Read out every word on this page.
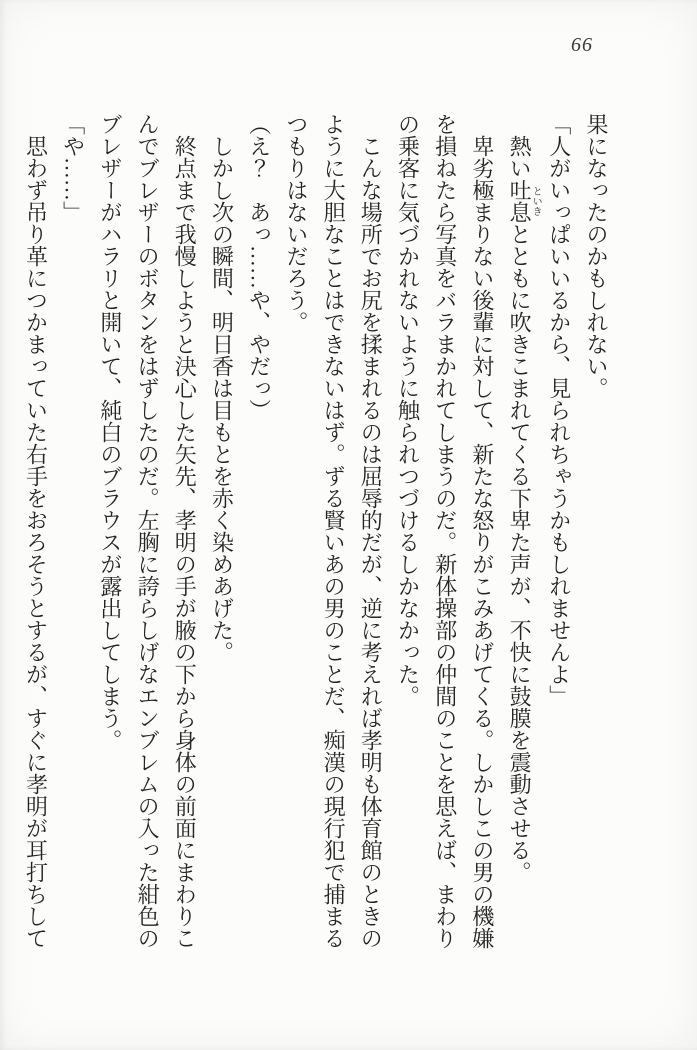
66

果になったのかもしれない。

「人がいっぱいいるから、見られちゃうかもしれませんよ」

熱い吐息といきとともに吹きこまれてくる下卑た声が、不快に鼓膜を震動させる。

卑劣極まりない後輩に対して、新たな怒りがこみあげてくる。しかしこの男の機嫌を損ねたら写真をバラまかれてしまうのだ。新体操部の仲間のことを思えば、まわりの乗客に気づかれないように触られつづけるしかなかった。

こんな場所でお尻を揉まれるのは屈辱的だが、逆に考えれば孝明も体育館のときのように大胆なことはできないはず。ずる賢いあの男のことだ、痴漢の現行犯で捕まるつもりはないだろう。

（え？　あっ……や、やだっ）

しかし次の瞬間、明日香は目もとを赤く染めあげた。

終点まで我慢しようと決心した矢先、孝明の手が腋の下から身体の前面にまわりこんでブレザーのボタンをはずしたのだ。左胸に誇らしげなエンブレムの入った紺色のブレザーがハラリと開いて、純白のブラウスが露出してしまう。

「や……」

思わず吊り革につかまっていた右手をおろそうとするが、すぐに孝明が耳打ちして
